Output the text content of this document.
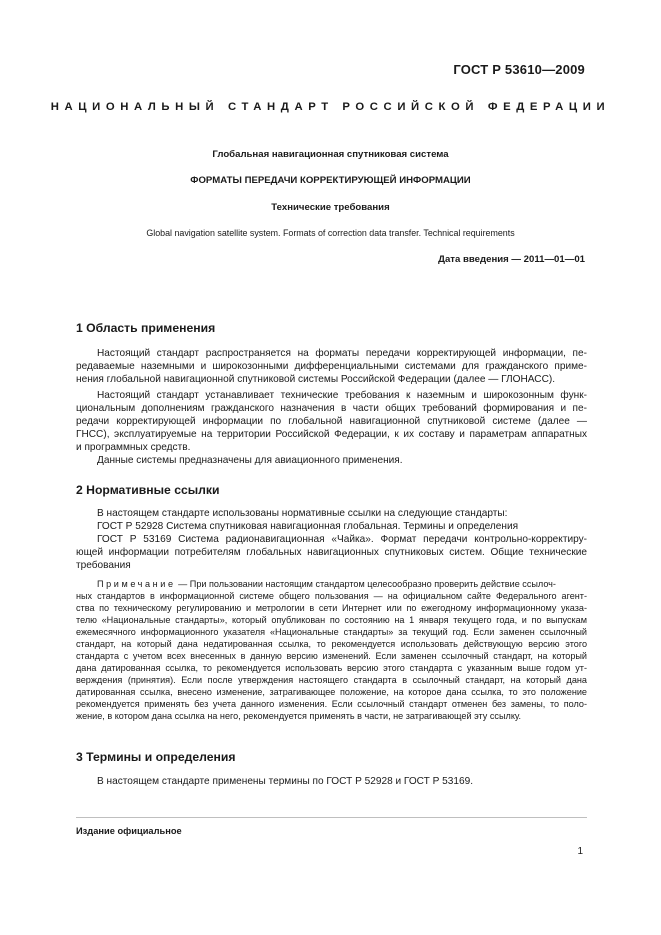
ГОСТ Р 53610—2009
НАЦИОНАЛЬНЫЙ СТАНДАРТ РОССИЙСКОЙ ФЕДЕРАЦИИ
Глобальная навигационная спутниковая система
ФОРМАТЫ ПЕРЕДАЧИ КОРРЕКТИРУЮЩЕЙ ИНФОРМАЦИИ
Технические требования
Global navigation satellite system. Formats of correction data transfer. Technical requirements
Дата введения — 2011—01—01
1 Область применения

Настоящий стандарт распространяется на форматы передачи корректирующей информации, пе-
редаваемые наземными и широкозонными дифференциальными системами для гражданского приме-
нения глобальной навигационной спутниковой системы Российской Федерации (далее — ГЛОНАСС).

Настоящий стандарт устанавливает технические требования к наземным и широкозонным функ-
циональным дополнениям гражданского назначения в части общих требований формирования и пе-
редачи корректирующей информации по глобальной навигационной спутниковой системе (далее —
ГНСС), эксплуатируемые на территории Российской Федерации, к их составу и параметрам аппаратных
и программных средств.

Данные системы предназначены для авиационного применения.

2 Нормативные ссылки

В настоящем стандарте использованы нормативные ссылки на следующие стандарты:

ГОСТ Р 52928 Система спутниковая навигационная глобальная. Термины и определения

ГОСТ Р 53169 Система радионавигационная «Чайка». Формат передачи контрольно-корректиру-
ющей информации потребителям глобальных навигационных спутниковых систем. Общие технические
требования

Примечание — При пользовании настоящим стандартом целесообразно проверить действие ссылоч-
ных стандартов в информационной системе общего пользования — на официальном сайте Федерального агент-
ства по техническому регулированию и метрологии в сети Интернет или по ежегодному информационному указа-
телю «Национальные стандарты», который опубликован по состоянию на 1 января текущего года, и по выпускам
ежемесячного информационного указателя «Национальные стандарты» за текущий год. Если заменен ссылочный
стандарт, на который дана недатированная ссылка, то рекомендуется использовать действующую версию этого
стандарта с учетом всех внесенных в данную версию изменений. Если заменен ссылочный стандарт, на который
дана датированная ссылка, то рекомендуется использовать версию этого стандарта с указанным выше годом ут-
верждения (принятия). Если после утверждения настоящего стандарта в ссылочный стандарт, на который дана
датированная ссылка, внесено изменение, затрагивающее положение, на которое дана ссылка, то это положение
рекомендуется применять без учета данного изменения. Если ссылочный стандарт отменен без замены, то поло-
жение, в котором дана ссылка на него, рекомендуется применять в части, не затрагивающей эту ссылку.

3 Термины и определения

В настоящем стандарте применены термины по ГОСТ Р 52928 и ГОСТ Р 53169.

Издание официальное
1
